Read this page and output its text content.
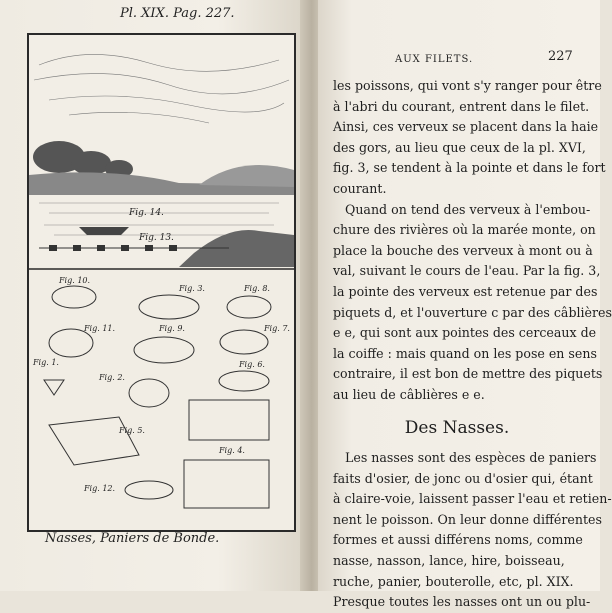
Pl. XIX. Pag. 227.
Fig. 14.
Fig. 13.
Fig. 10.
Fig. 3.	Fig. 8.
Fig. 11.	Fig. 9.	Fig. 7.
Fig. 1.
Fig. 2.
Fig. 6.
Fig. 5.
Fig. 4.
Fig. 12.
Nasses, Paniers de Bonde.
AUX FILETS.	227
les poissons, qui vont s'y ranger pour être
à l'abri du courant, entrent dans le filet.
Ainsi, ces verveux se placent dans la haie
des gors, au lieu que ceux de la pl. XVI,
fig. 3, se tendent à la pointe et dans le fort
courant.
Quand on tend des verveux à l'embou-
chure des rivières où la marée monte, on
place la bouche des verveux à mont ou à
val, suivant le cours de l'eau. Par la fig. 3,
la pointe des verveux est retenue par des
piquets d, et l'ouverture c par des câblières
e e, qui sont aux pointes des cerceaux de
la coiffe : mais quand on les pose en sens
contraire, il est bon de mettre des piquets
au lieu de câblières e e.
Des Nasses.
Les nasses sont des espèces de paniers
faits d'osier, de jonc ou d'osier qui, étant
à claire-voie, laissent passer l'eau et retien-
nent le poisson. On leur donne différentes
formes et aussi différens noms, comme
nasse, nasson, lance, hire, boisseau,
ruche, panier, bouterolle, etc, pl. XIX.
Presque toutes les nasses ont un ou plu-
